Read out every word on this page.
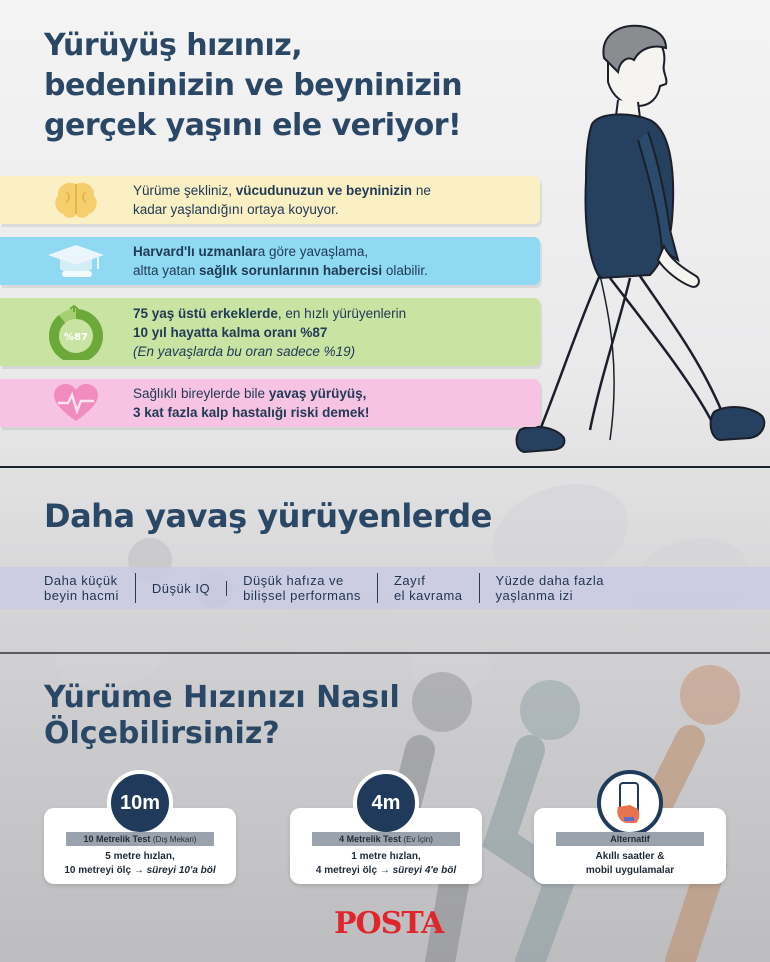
Yürüyüş hızınız,
bedeninizin ve beyninizin
gerçek yaşını ele veriyor!
Yürüme şekliniz, vücudunuzun ve beyninizin ne
kadar yaşlandığını ortaya koyuyor.
Harvard'lı uzmanlara göre yavaşlama,
altta yatan sağlık sorunlarının habercisi olabilir.
%87
75 yaş üstü erkeklerde, en hızlı yürüyenlerin
10 yıl hayatta kalma oranı %87
(En yavaşlarda bu oran sadece %19)
Sağlıklı bireylerde bile yavaş yürüyüş,
3 kat fazla kalp hastalığı riski demek!
Daha yavaş yürüyenlerde
Daha küçük
beyin hacmi	Düşük IQ	Düşük hafıza ve
bilişsel performans
Zayıf
el kavrama
Yüzde daha fazla
yaşlanma izi
Yürüme Hızınızı Nasıl
Ölçebilirsiniz?
10m
10 Metrelik Test (Dış Mekan)
5 metre hızlan,
10 metreyi ölç → süreyi 10'a böl
4m
4 Metrelik Test (Ev İçin)
1 metre hızlan,
4 metreyi ölç → süreyi 4'e böl
Alternatif
Akıllı saatler &
mobil uygulamalar
POSTA
